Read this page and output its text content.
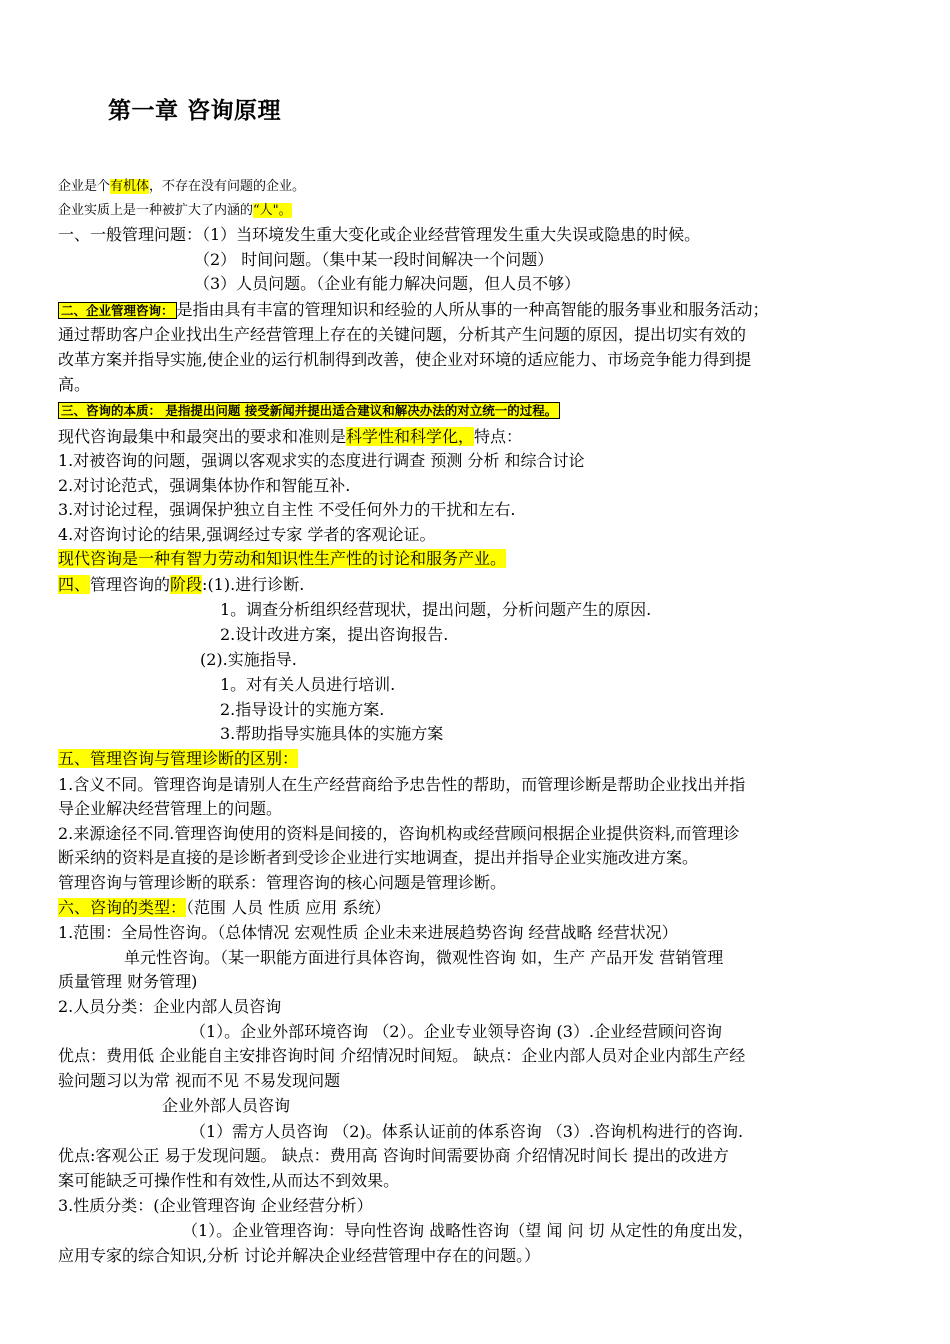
第一章 咨询原理
企业是个有机体，不存在没有问题的企业。
企业实质上是一种被扩大了内涵的“人"。
一、一般管理问题：（1）当环境发生重大变化或企业经营管理发生重大失误或隐患的时候。
（2） 时间问题。（集中某一段时间解决一个问题）
（3）人员问题。（企业有能力解决问题，但人员不够）
二、企业管理咨询： 是指由具有丰富的管理知识和经验的人所从事的一种高智能的服务事业和服务活动；
通过帮助客户企业找出生产经营管理上存在的关键问题，分析其产生问题的原因，提出切实有效的
改革方案并指导实施,使企业的运行机制得到改善，使企业对环境的适应能力、市场竞争能力得到提
高。
三、咨询的本质： 是指提出问题 接受新闻并提出适合建议和解决办法的对立统一的过程。
现代咨询最集中和最突出的要求和准则是科学性和科学化，特点：
1.对被咨询的问题，强调以客观求实的态度进行调查 预测 分析 和综合讨论
2.对讨论范式，强调集体协作和智能互补.
3.对讨论过程，强调保护独立自主性 不受任何外力的干扰和左右.
4.对咨询讨论的结果,强调经过专家 学者的客观论证。
现代咨询是一种有智力劳动和知识性生产性的讨论和服务产业。
四、管理咨询的阶段:(1).进行诊断.
1。调查分析组织经营现状，提出问题，分析问题产生的原因.
2.设计改进方案，提出咨询报告.
(2).实施指导.
1。对有关人员进行培训.
2.指导设计的实施方案.
3.帮助指导实施具体的实施方案
五、管理咨询与管理诊断的区别：
1.含义不同。管理咨询是请别人在生产经营商给予忠告性的帮助，而管理诊断是帮助企业找出并指
导企业解决经营管理上的问题。
2.来源途径不同.管理咨询使用的资料是间接的，咨询机构或经营顾问根据企业提供资料,而管理诊
断采纳的资料是直接的是诊断者到受诊企业进行实地调查，提出并指导企业实施改进方案。
管理咨询与管理诊断的联系：管理咨询的核心问题是管理诊断。
六、咨询的类型：（范围 人员 性质 应用 系统）
1.范围：全局性咨询。（总体情况 宏观性质 企业未来进展趋势咨询 经营战略 经营状况）
单元性咨询。（某一职能方面进行具体咨询，微观性咨询 如，生产 产品开发 营销管理
质量管理 财务管理)
2.人员分类：企业内部人员咨询
（1）。企业外部环境咨询 （2）。企业专业领导咨询 (3）.企业经营顾问咨询
优点：费用低 企业能自主安排咨询时间 介绍情况时间短。 缺点：企业内部人员对企业内部生产经
验问题习以为常 视而不见 不易发现问题
企业外部人员咨询
（1）需方人员咨询 （2)。体系认证前的体系咨询 （3）.咨询机构进行的咨询.
优点:客观公正 易于发现问题。 缺点：费用高 咨询时间需要协商 介绍情况时间长 提出的改进方
案可能缺乏可操作性和有效性,从而达不到效果。
3.性质分类：(企业管理咨询 企业经营分析）
（1）。企业管理咨询：导向性咨询 战略性咨询（望 闻 问 切 从定性的角度出发，
应用专家的综合知识,分析 讨论并解决企业经营管理中存在的问题。）
